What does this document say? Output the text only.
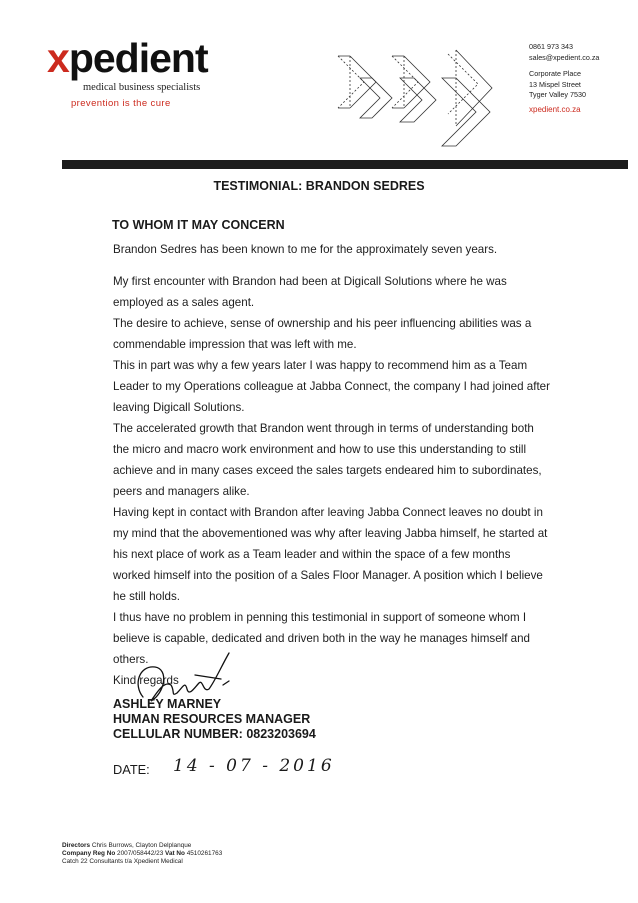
xpedient
medical business specialists
prevention is the cure
0861 973 343
sales@xpedient.co.za
Corporate Place
13 Mispel Street
Tyger Valley 7530
xpedient.co.za
TESTIMONIAL: BRANDON SEDRES
TO WHOM IT MAY CONCERN
Brandon Sedres has been known to me for the approximately seven years.
My first encounter with Brandon had been at Digicall Solutions where he was
employed as a sales agent.
The desire to achieve, sense of ownership and his peer influencing abilities was a
commendable impression that was left with me.
This in part was why a few years later I was happy to recommend him as a Team
Leader to my Operations colleague at Jabba Connect, the company I had joined after
leaving Digicall Solutions.
The accelerated growth that Brandon went through in terms of understanding both
the micro and macro work environment and how to use this understanding to still
achieve and in many cases exceed the sales targets endeared him to subordinates,
peers and managers alike.
Having kept in contact with Brandon after leaving Jabba Connect leaves no doubt in
my mind that the abovementioned was why after leaving Jabba himself, he started at
his next place of work as a Team leader and within the space of a few months
worked himself into the position of a Sales Floor Manager. A position which I believe
he still holds.
I thus have no problem in penning this testimonial in support of someone whom I
believe is capable, dedicated and driven both in the way he manages himself and
others.
Kind regards
ASHLEY MARNEY
HUMAN RESOURCES MANAGER
CELLULAR NUMBER: 0823203694
DATE: 14 - 07 - 2016
Directors Chris Burrows, Clayton Delplanque
Company Reg No 2007/058442/23 Vat No 4510261763
Catch 22 Consultants t/a Xpedient Medical
